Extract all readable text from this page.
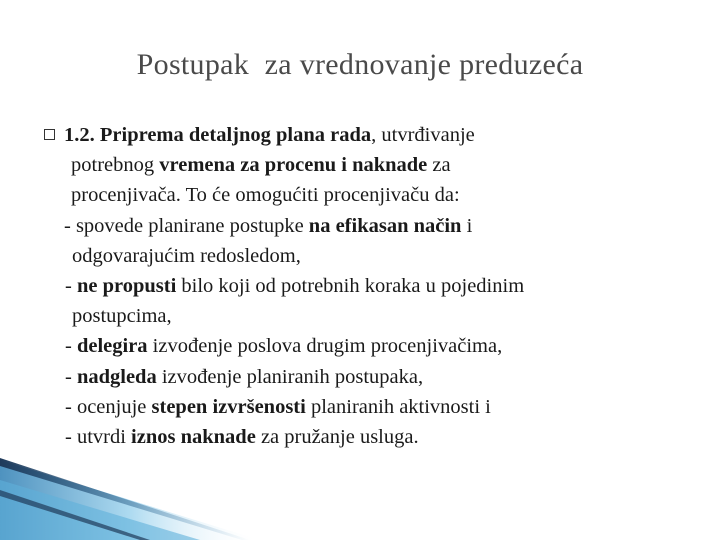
Postupak  za vrednovanje preduzeća
1.2. Priprema detaljnog plana rada, utvrđivanje
potrebnog vremena za procenu i naknade za
procenjivača. To će omogućiti procenjivaču da:
- spovede planirane postupke na efikasan način i
odgovarajućim redosledom,
- ne propusti bilo koji od potrebnih koraka u pojedinim
postupcima,
- delegira izvođenje poslova drugim procenjivačima,
- nadgleda izvođenje planiranih postupaka,
- ocenjuje stepen izvršenosti planiranih aktivnosti i
- utvrdi iznos naknade za pružanje usluga.
